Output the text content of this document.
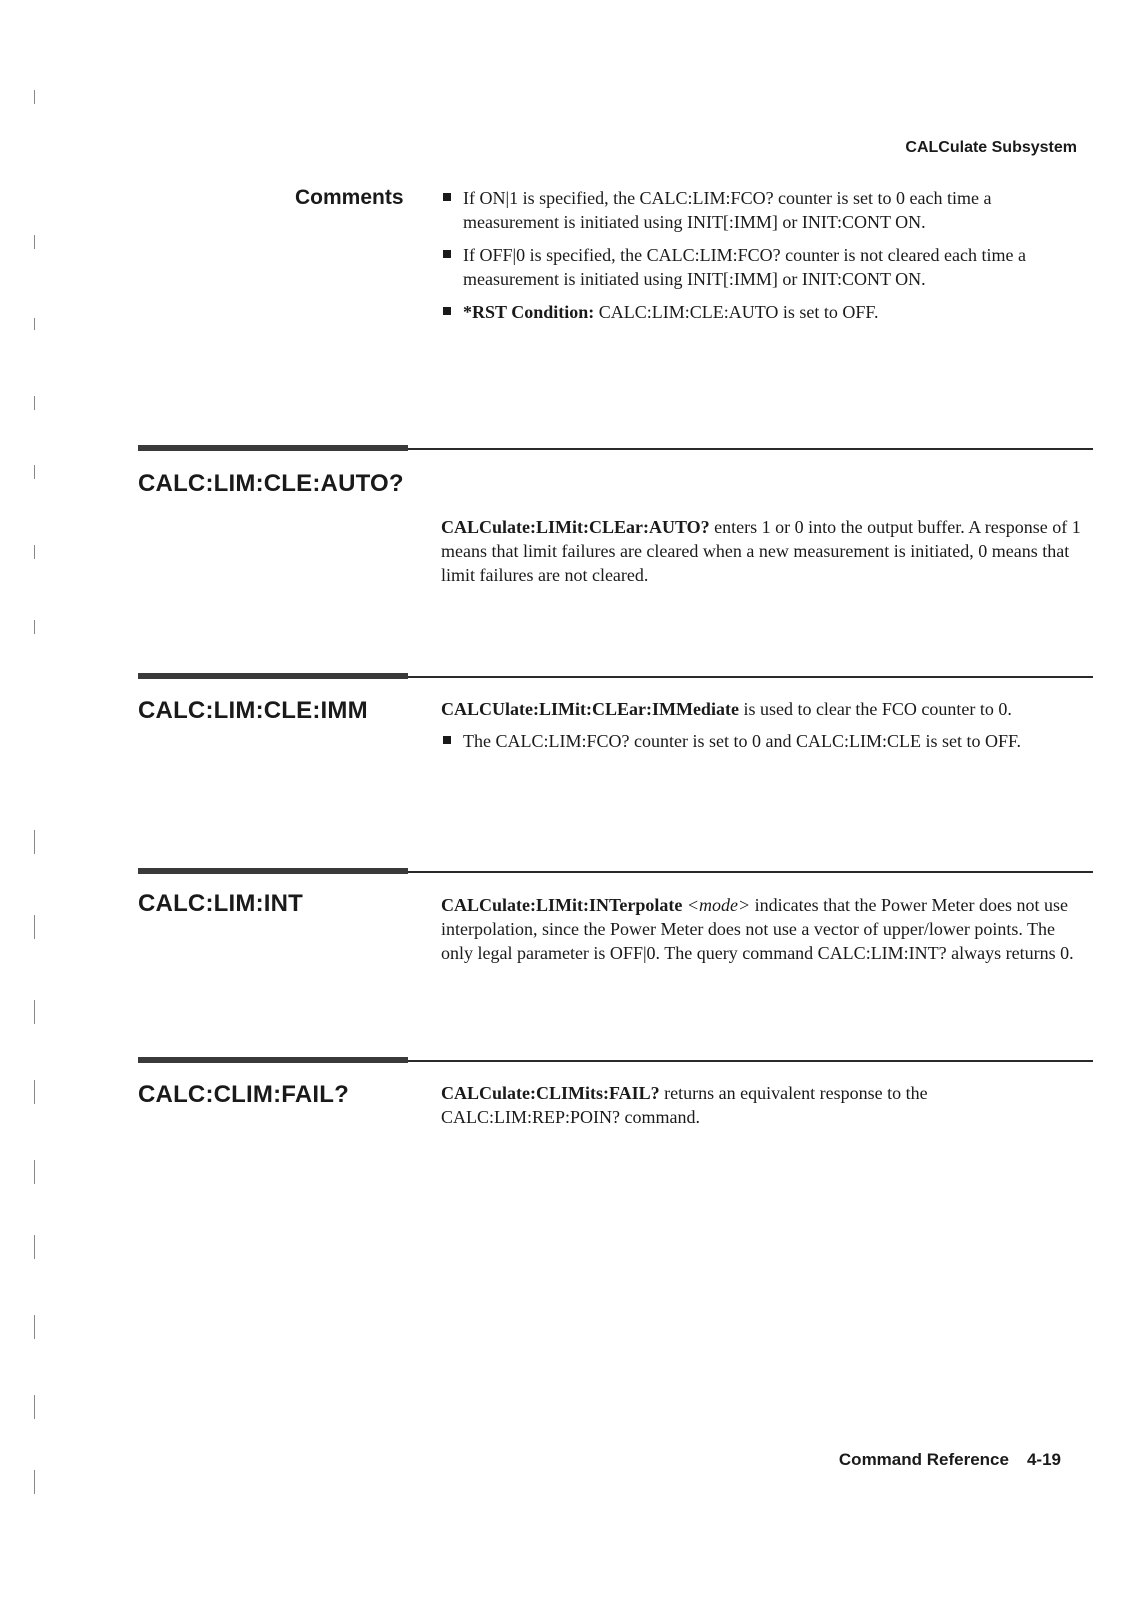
CALCulate Subsystem
Comments	If ON|1 is specified, the CALC:LIM:FCO? counter is set to 0 each time a measurement is initiated using INIT[:IMM] or INIT:CONT ON.
If OFF|0 is specified, the CALC:LIM:FCO? counter is not cleared each time a measurement is initiated using INIT[:IMM] or INIT:CONT ON.
*RST Condition: CALC:LIM:CLE:AUTO is set to OFF.
CALC:LIM:CLE:AUTO?

CALCulate:LIMit:CLEar:AUTO? enters 1 or 0 into the output buffer. A response of 1 means that limit failures are cleared when a new measurement is initiated, 0 means that limit failures are not cleared.

CALC:LIM:CLE:IMM	CALCUlate:LIMit:CLEar:IMMediate is used to clear the FCO counter to 0.

The CALC:LIM:FCO? counter is set to 0 and CALC:LIM:CLE is set to OFF.
CALC:LIM:INT	CALCulate:LIMit:INTerpolate <mode> indicates that the Power Meter does not use interpolation, since the Power Meter does not use a vector of upper/lower points. The only legal parameter is OFF|0. The query command CALC:LIM:INT? always returns 0.

CALC:CLIM:FAIL?	CALCulate:CLIMits:FAIL? returns an equivalent response to the CALC:LIM:REP:POIN? command.

Command Reference 4-19
